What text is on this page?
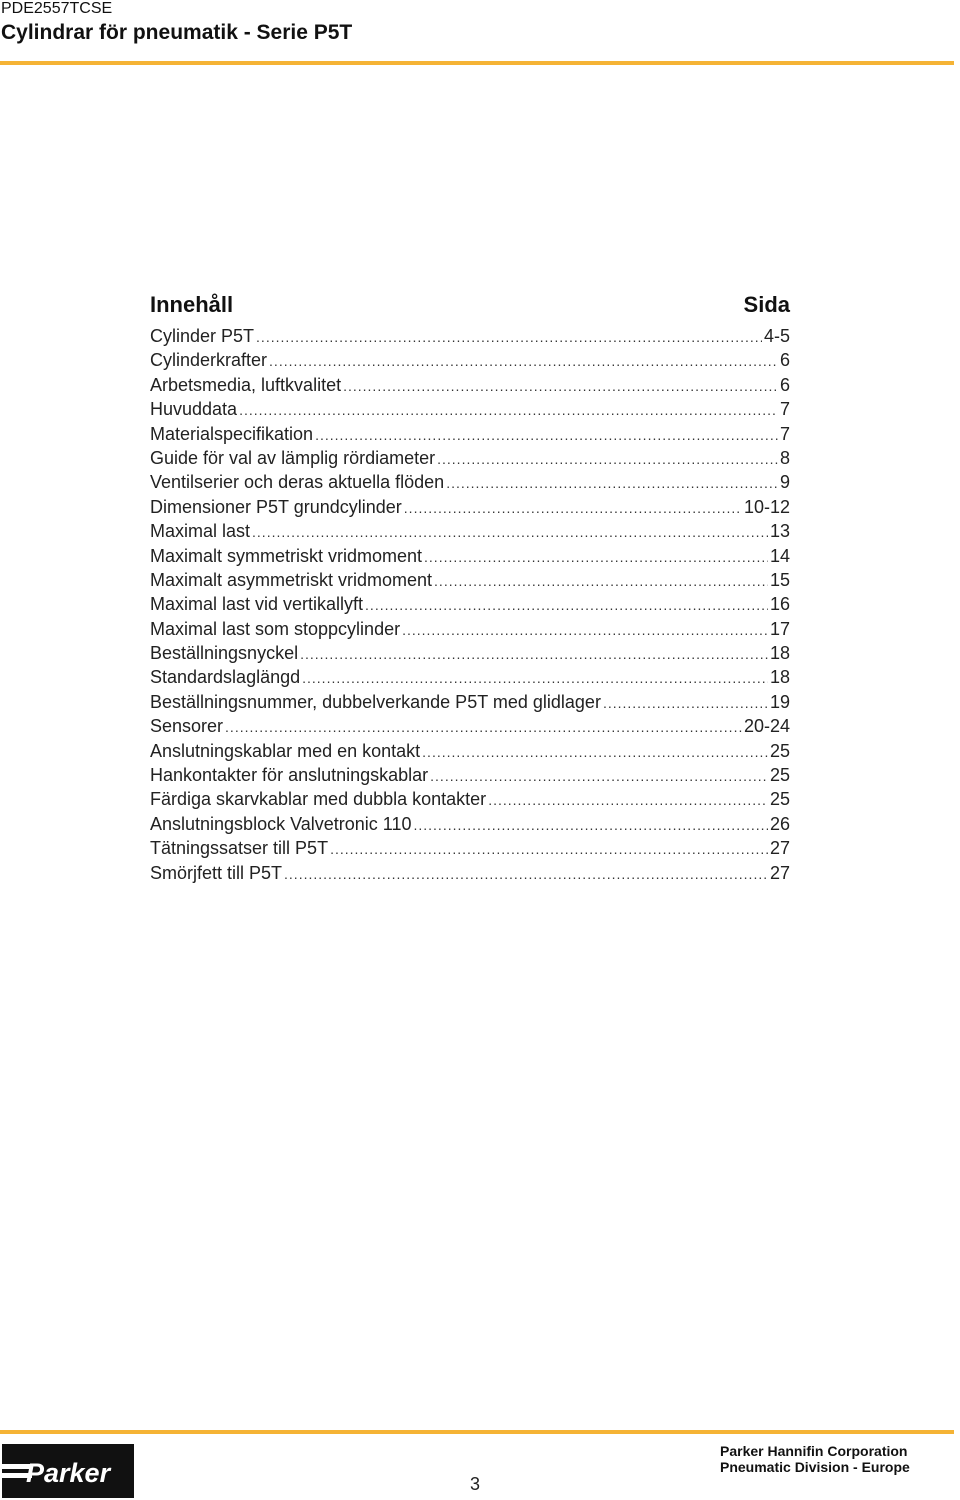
PDE2557TCSE
Cylindrar för pneumatik - Serie P5T
Innehåll	Sida
Cylinder P5T .....	4-5
Cylinderkrafter .....	6
Arbetsmedia, luftkvalitet .....	6
Huvuddata .....	7
Materialspecifikation .....	7
Guide för val av lämplig rördiameter .....	8
Ventilserier och deras aktuella flöden .....	9
Dimensioner P5T grundcylinder .....	10-12
Maximal last .....	13
Maximalt symmetriskt vridmoment .....	14
Maximalt asymmetriskt vridmoment .....	15
Maximal last vid vertikallyft .....	16
Maximal last som stoppcylinder .....	17
Beställningsnyckel .....	18
Standardslaglängd .....	18
Beställningsnummer, dubbelverkande P5T med glidlager .....	19
Sensorer .....	20-24
Anslutningskablar med en kontakt .....	25
Hankontakter för anslutningskablar .....	25
Färdiga skarvkablar med dubbla kontakter .....	25
Anslutningsblock Valvetronic 110 .....	26
Tätningssatser till P5T .....	27
Smörjfett till P5T .....	27
Parker	3
Parker Hannifin Corporation
Pneumatic Division - Europe
